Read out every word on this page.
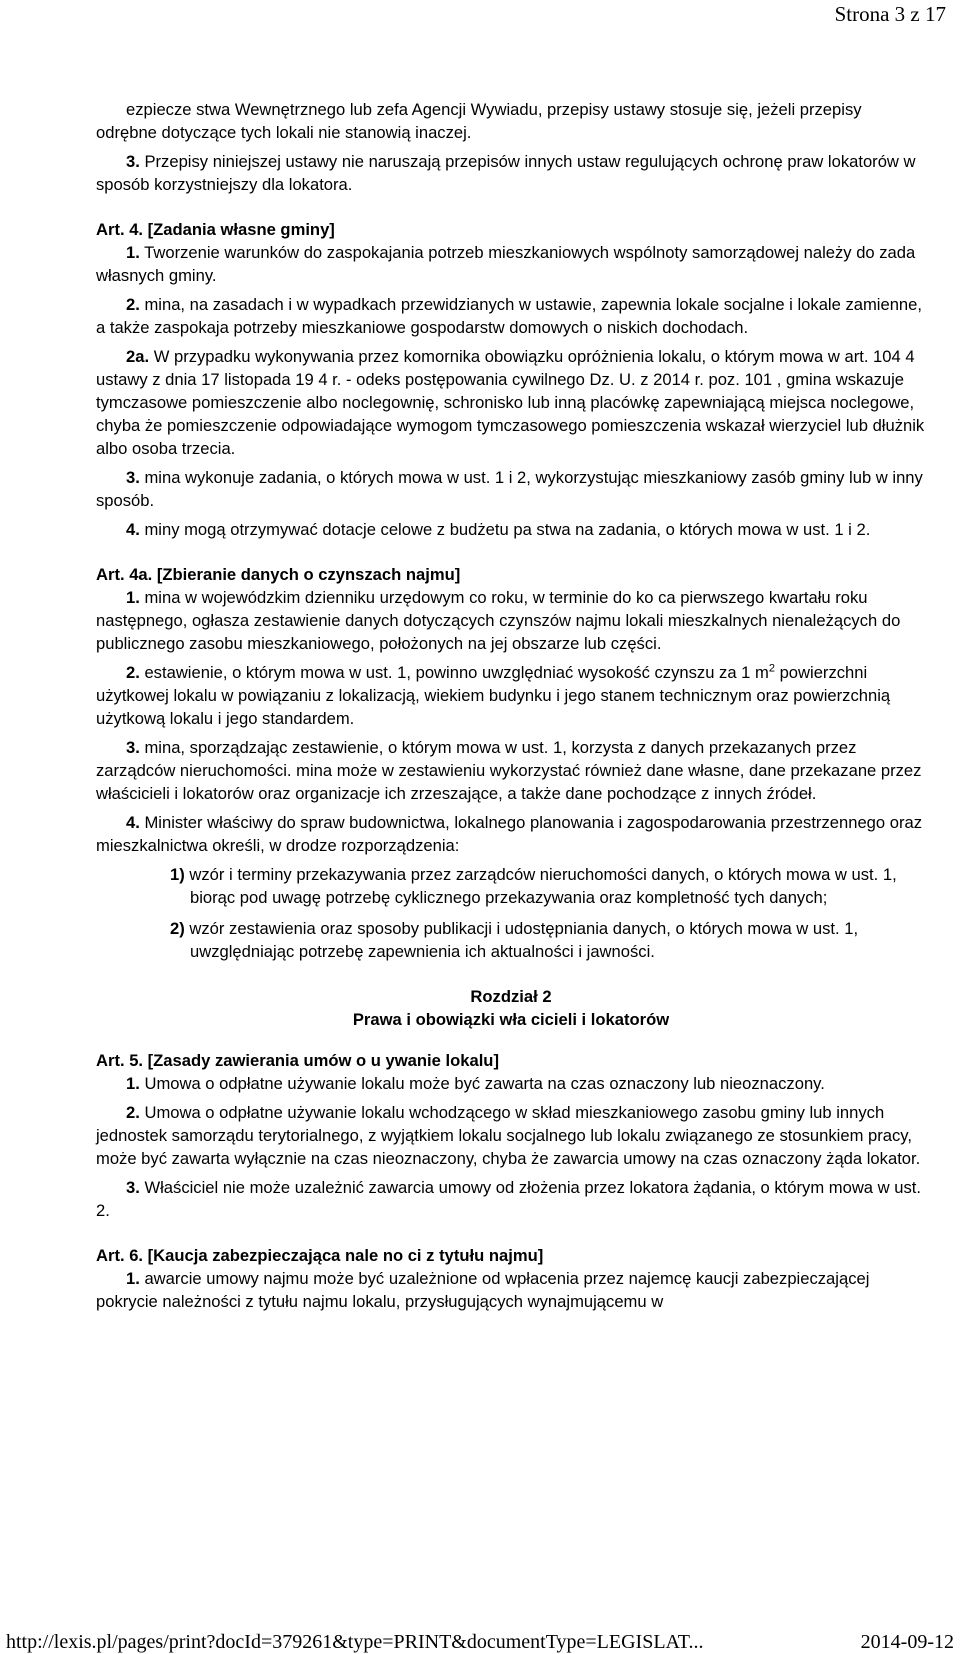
Strona 3 z 17

ezpiecze stwa Wewnętrznego lub zefa Agencji Wywiadu, przepisy ustawy stosuje się, jeżeli przepisy odrębne dotyczące tych lokali nie stanowią inaczej.

3. Przepisy niniejszej ustawy nie naruszają przepisów innych ustaw regulujących ochronę praw lokatorów w sposób korzystniejszy dla lokatora.

Art. 4. [Zadania własne gminy]

1. Tworzenie warunków do zaspokajania potrzeb mieszkaniowych wspólnoty samorządowej należy do zada własnych gminy.

2. mina, na zasadach i w wypadkach przewidzianych w ustawie, zapewnia lokale socjalne i lokale zamienne, a także zaspokaja potrzeby mieszkaniowe gospodarstw domowych o niskich dochodach.

2a. W przypadku wykonywania przez komornika obowiązku opróżnienia lokalu, o którym mowa w art. 104 4 ustawy z dnia 17 listopada 19 4 r. - odeks postępowania cywilnego Dz. U. z 2014 r. poz. 101 , gmina wskazuje tymczasowe pomieszczenie albo noclegownię, schronisko lub inną placówkę zapewniającą miejsca noclegowe, chyba że pomieszczenie odpowiadające wymogom tymczasowego pomieszczenia wskazał wierzyciel lub dłużnik albo osoba trzecia.

3. mina wykonuje zadania, o których mowa w ust. 1 i 2, wykorzystując mieszkaniowy zasób gminy lub w inny sposób.

4. miny mogą otrzymywać dotacje celowe z budżetu pa stwa na zadania, o których mowa w ust. 1 i 2.

Art. 4a. [Zbieranie danych o czynszach najmu]

1. mina w wojewódzkim dzienniku urzędowym co roku, w terminie do ko ca pierwszego kwartału roku następnego, ogłasza zestawienie danych dotyczących czynszów najmu lokali mieszkalnych nienależących do publicznego zasobu mieszkaniowego, położonych na jej obszarze lub części.

2. estawienie, o którym mowa w ust. 1, powinno uwzględniać wysokość czynszu za 1 $m^2$ powierzchni użytkowej lokalu w powiązaniu z lokalizacją, wiekiem budynku i jego stanem technicznym oraz powierzchnią użytkową lokalu i jego standardem.

3. mina, sporządzając zestawienie, o którym mowa w ust. 1, korzysta z danych przekazanych przez zarządców nieruchomości. mina może w zestawieniu wykorzystać również dane własne, dane przekazane przez właścicieli i lokatorów oraz organizacje ich zrzeszające, a także dane pochodzące z innych źródeł.

4. Minister właściwy do spraw budownictwa, lokalnego planowania i zagospodarowania przestrzennego oraz mieszkalnictwa określi, w drodze rozporządzenia:

1) wzór i terminy przekazywania przez zarządców nieruchomości danych, o których mowa w ust. 1, biorąc pod uwagę potrzebę cyklicznego przekazywania oraz kompletność tych danych;

2) wzór zestawienia oraz sposoby publikacji i udostępniania danych, o których mowa w ust. 1, uwzględniając potrzebę zapewnienia ich aktualności i jawności.

Rozdział 2
Prawa i obowiązki wła cicieli i lokatorów

Art. 5. [Zasady zawierania umów o u ywanie lokalu]

1. Umowa o odpłatne używanie lokalu może być zawarta na czas oznaczony lub nieoznaczony.

2. Umowa o odpłatne używanie lokalu wchodzącego w skład mieszkaniowego zasobu gminy lub innych jednostek samorządu terytorialnego, z wyjątkiem lokalu socjalnego lub lokalu związanego ze stosunkiem pracy, może być zawarta wyłącznie na czas nieoznaczony, chyba że zawarcia umowy na czas oznaczony żąda lokator.

3. Właściciel nie może uzależnić zawarcia umowy od złożenia przez lokatora żądania, o którym mowa w ust. 2.

Art. 6. [Kaucja zabezpieczająca nale no ci z tytułu najmu]

1. awarcie umowy najmu może być uzależnione od wpłacenia przez najemcę kaucji zabezpieczającej pokrycie należności z tytułu najmu lokalu, przysługujących wynajmującemu w

http://lexis.pl/pages/print?docId=379261&type=PRINT&documentType=LEGISLAT...	2014-09-12
